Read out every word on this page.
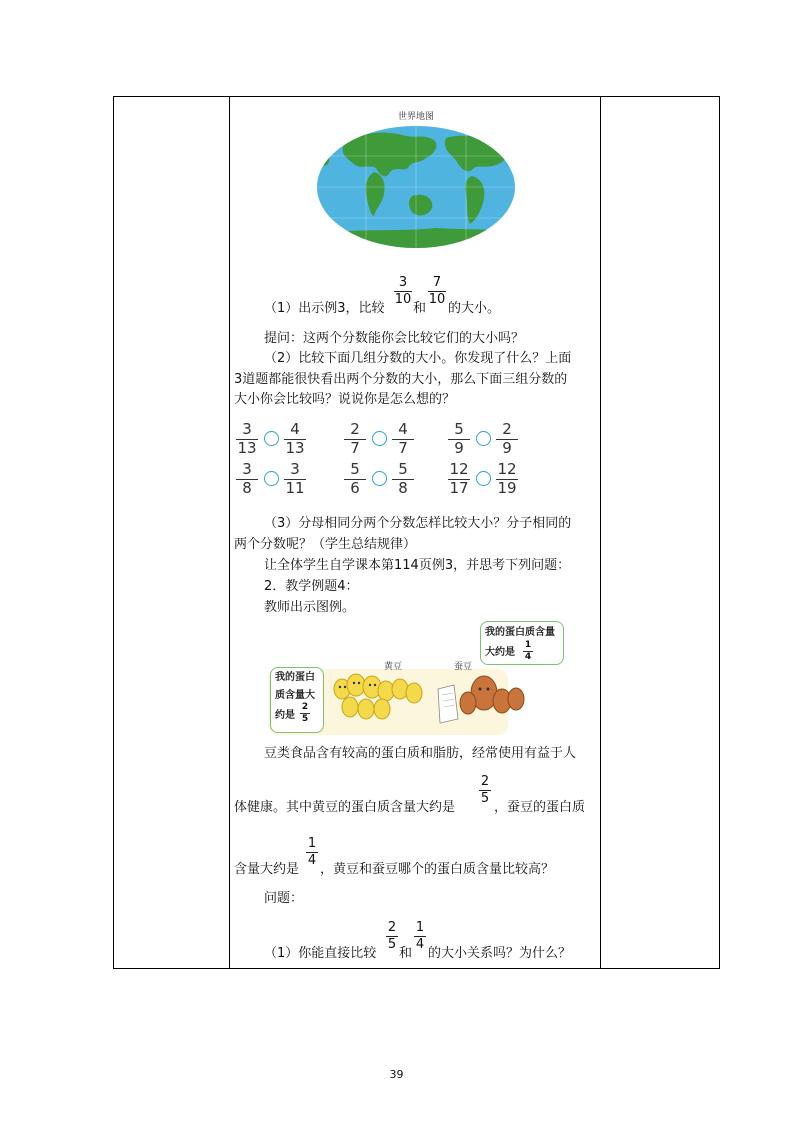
世界地图
（1）出示例3，比较
3
10
和
7
10
的大小。
提问：这两个分数能你会比较它们的大小吗？
（2）比较下面几组分数的大小。你发现了什么？上面
3道题都能很快看出两个分数的大小，那么下面三组分数的
大小你会比较吗？说说你是怎么想的？
3
13
4
13
2
7
4
7
5
9
2
9
3
8
3
11
5
6
5
8
12
17
12
19
（3）分母相同分两个分数怎样比较大小？分子相同的
两个分数呢？（学生总结规律）
让全体学生自学课本第114页例3，并思考下列问题：
2．教学例题4：
教师出示图例。
黄豆	蚕豆
我的蛋白
质含量大
约是
2
5
我的蛋白质含量
大约是
1
4
豆类食品含有较高的蛋白质和脂肪，经常使用有益于人
体健康。其中黄豆的蛋白质含量大约是
2
5
，蚕豆的蛋白质
含量大约是
1
4
，黄豆和蚕豆哪个的蛋白质含量比较高？
问题：
（1）你能直接比较
2
5
和
1
4
的大小关系吗？为什么？
39
